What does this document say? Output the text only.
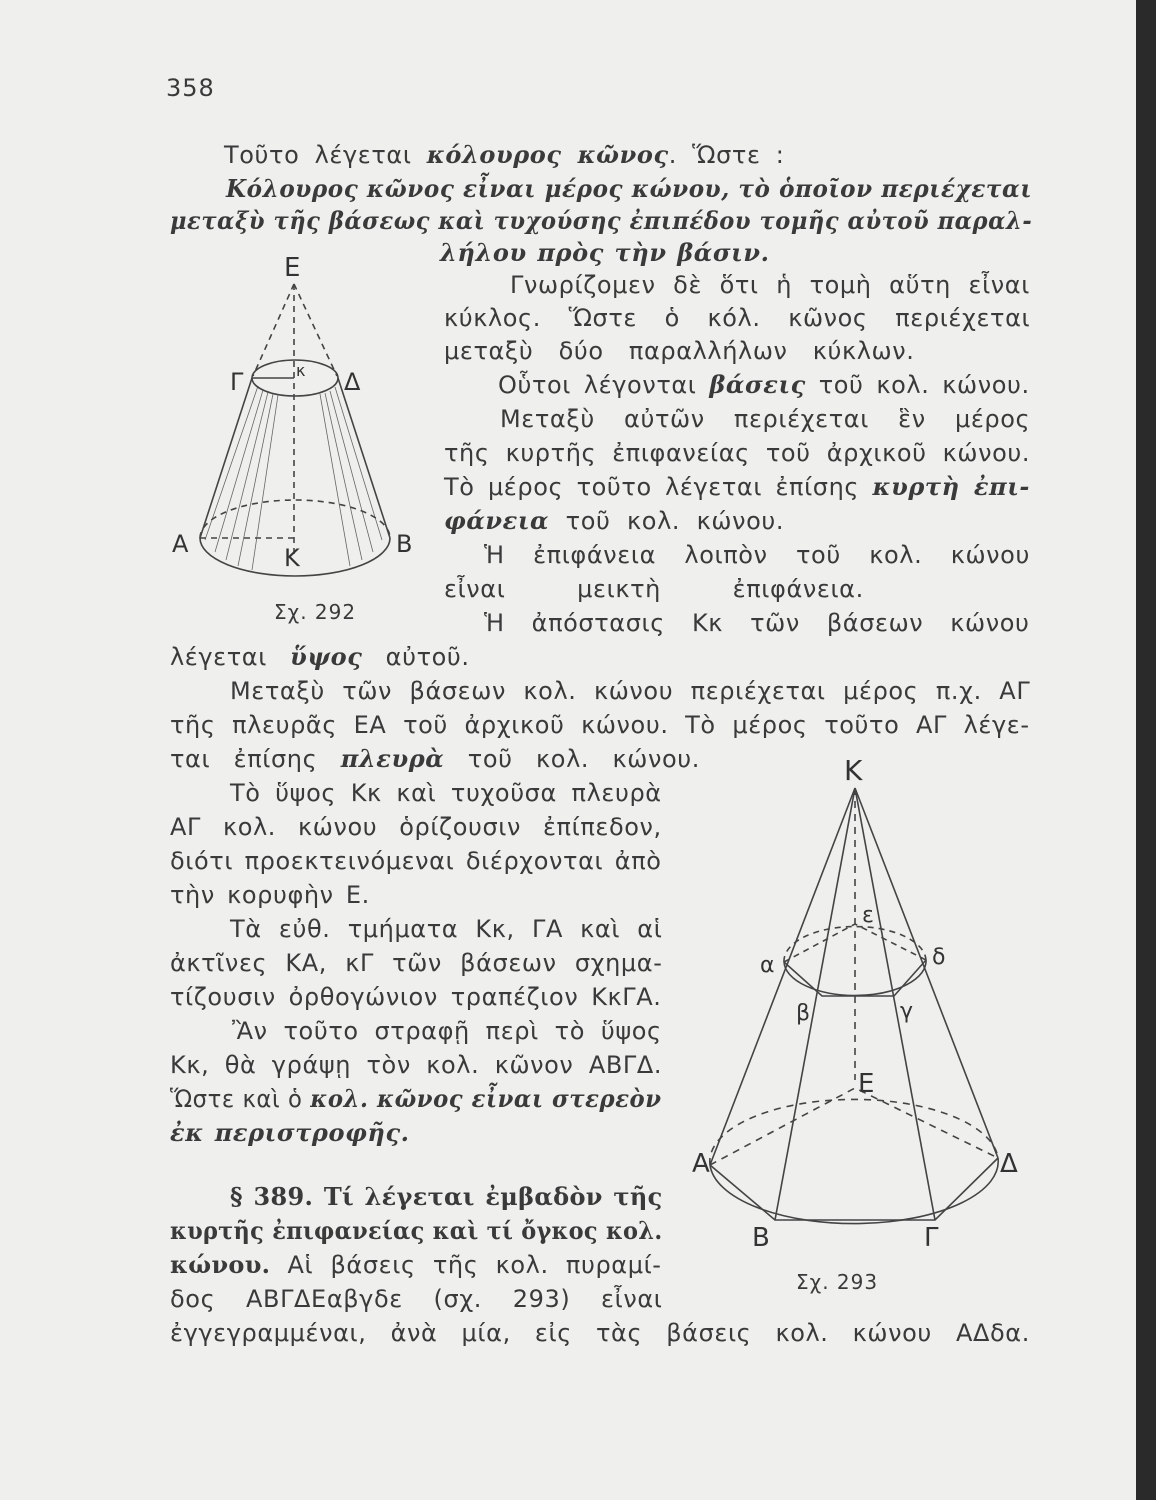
358
Τοῦτο λέγεται κόλουρος κῶνος. Ὥστε :
Κόλουρος κῶνος εἶναι μέρος κώνου, τὸ ὁποῖον περιέχεται
μεταξὺ τῆς βάσεως καὶ τυχούσης ἐπιπέδου τομῆς αὐτοῦ παραλ-
λήλου πρὸς τὴν βάσιν.
Γνωρίζομεν δὲ ὅτι ἡ τομὴ αὕτη εἶναι
κύκλος. Ὥστε ὁ κόλ. κῶνος περιέχεται
μεταξὺ δύο παραλλήλων κύκλων.
Οὗτοι λέγονται βάσεις τοῦ κολ. κώνου.
Μεταξὺ αὐτῶν περιέχεται ἓν μέρος
τῆς κυρτῆς ἐπιφανείας τοῦ ἀρχικοῦ κώνου.
Τὸ μέρος τοῦτο λέγεται ἐπίσης κυρτὴ ἐπι-
φάνεια τοῦ κολ. κώνου.
Ἡ ἐπιφάνεια λοιπὸν τοῦ κολ. κώνου
εἶναι μεικτὴ ἐπιφάνεια.
Ἡ ἀπόστασις Κκ τῶν βάσεων κώνου
λέγεται ὕψος αὐτοῦ.
Μεταξὺ τῶν βάσεων κολ. κώνου περιέχεται μέρος π.χ. ΑΓ
τῆς πλευρᾶς ΕΑ τοῦ ἀρχικοῦ κώνου. Τὸ μέρος τοῦτο ΑΓ λέγε-
ται ἐπίσης πλευρὰ τοῦ κολ. κώνου.
Τὸ ὕψος Κκ καὶ τυχοῦσα πλευρὰ
ΑΓ κολ. κώνου ὁρίζουσιν ἐπίπεδον,
διότι προεκτεινόμεναι διέρχονται ἀπὸ
τὴν κορυφὴν Ε.
Τὰ εὐθ. τμήματα Κκ, ΓΑ καὶ αἱ
ἀκτῖνες ΚΑ, κΓ τῶν βάσεων σχημα-
τίζουσιν ὀρθογώνιον τραπέζιον ΚκΓΑ.
Ἂν τοῦτο στραφῇ περὶ τὸ ὕψος
Κκ, θὰ γράψῃ τὸν κολ. κῶνον ΑΒΓΔ.
Ὥστε καὶ ὁ κολ. κῶνος εἶναι στερεὸν
ἐκ περιστροφῆς.
§ 389. Τί λέγεται ἐμβαδὸν τῆς
κυρτῆς ἐπιφανείας καὶ τί ὄγκος κολ.
κώνου. Αἱ βάσεις τῆς κολ. πυραμί-
δος ΑΒΓΔΕαβγδε (σχ. 293) εἶναι
ἐγγεγραμμέναι, ἀνὰ μία, εἰς τὰς βάσεις κολ. κώνου ΑΔδα.
Ε
Γ	Δ
κ
Α	Β
Κ
Σχ. 292
Κ
ε
α	δ
β	γ
Ε
Α	Δ
Β	Γ
Σχ. 293
